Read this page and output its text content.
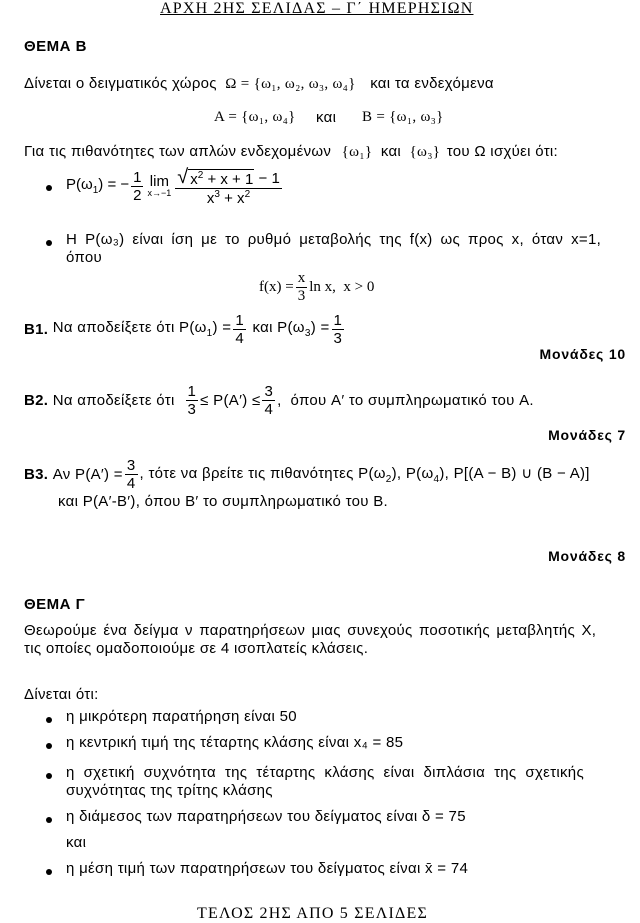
ΑΡΧΗ 2ΗΣ ΣΕΛΙΔΑΣ – Γ΄ ΗΜΕΡΗΣΙΩΝ
ΘΕΜΑ Β
Δίνεται ο δειγματικός χώρος Ω = {ω₁, ω₂, ω₃, ω₄} και τα ενδεχόμενα
A = {ω₁, ω₄} και B = {ω₁, ω₃}
Για τις πιθανότητες των απλών ενδεχομένων {ω₁} και {ω₃} του Ω ισχύει ότι:
$P(\omega_1)$ = − $\frac{1}{2}$ lim
$x\to-1 \frac{√ x^2 + x + 1 - 1}{x^3 + x^2}$
Η P(ω₃) είναι ίση με το ρυθμό μεταβολής της f(x) ως προς x, όταν x=1,
όπου
$f(x) = \frac{x}{3}$ ln x,  x > 0
B1. Να αποδείξετε ότι $P(\omega_1) = \frac{1}{4}$ και $P(\omega_3) = \frac{1}{3}$
Μονάδες 10
B2. Να αποδείξετε ότι $\frac{1}{3} \le P(A') \le \frac{3}{4}$ ,  όπου A′ το συμπληρωματικό του A.
Μονάδες 7
B3. Αν $P(A') = \frac{3}{4}$ , τότε να βρείτε τις πιθανότητες $P(\omega_2)$, $P(\omega_4)$, P[(A − B) ∪ (B − A)]
και P(A′-B′), όπου B′ το συμπληρωματικό του B.
Μονάδες 8
ΘΕΜΑ Γ
Θεωρούμε ένα δείγμα ν παρατηρήσεων μιας συνεχούς ποσοτικής μεταβλητής X,
τις οποίες ομαδοποιούμε σε 4 ισοπλατείς κλάσεις.
Δίνεται ότι:
η μικρότερη παρατήρηση είναι 50
η κεντρική τιμή της τέταρτης κλάσης είναι x₄ = 85
η σχετική συχνότητα της τέταρτης κλάσης είναι διπλάσια της σχετικής
συχνότητας της τρίτης κλάσης
η διάμεσος των παρατηρήσεων του δείγματος είναι δ = 75
και
η μέση τιμή των παρατηρήσεων του δείγματος είναι x̄ = 74
ΤΕΛΟΣ 2ΗΣ ΑΠΟ 5 ΣΕΛΙΔΕΣ
